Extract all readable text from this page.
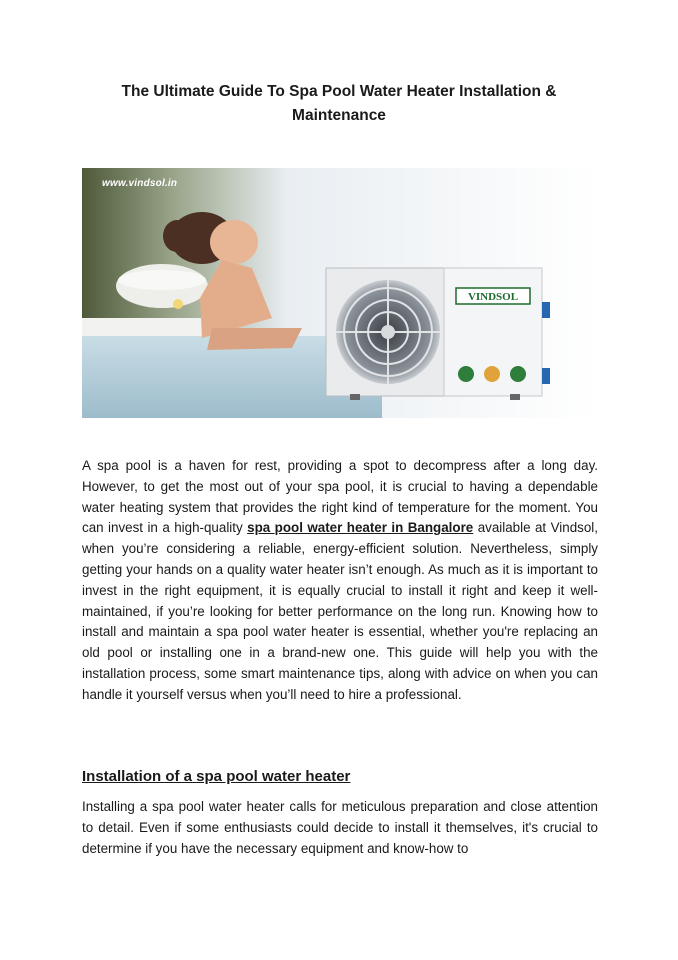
The Ultimate Guide To Spa Pool Water Heater Installation & Maintenance
VINDSOL
www.vindsol.in

A spa pool is a haven for rest, providing a spot to decompress after a long day. However, to get the most out of your spa pool, it is crucial to having a dependable water heating system that provides the right kind of temperature for the moment. You can invest in a high-quality spa pool water heater in Bangalore available at Vindsol, when you’re considering a reliable, energy-efficient solution. Nevertheless, simply getting your hands on a quality water heater isn’t enough. As much as it is important to invest in the right equipment, it is equally crucial to install it right and keep it well-maintained, if you’re looking for better performance on the long run. Knowing how to install and maintain a spa pool water heater is essential, whether you're replacing an old pool or installing one in a brand-new one. This guide will help you with the installation process, some smart maintenance tips, along with advice on when you can handle it yourself versus when you’ll need to hire a professional.

Installation of a spa pool water heater

Installing a spa pool water heater calls for meticulous preparation and close attention to detail. Even if some enthusiasts could decide to install it themselves, it's crucial to determine if you have the necessary equipment and know-how to
